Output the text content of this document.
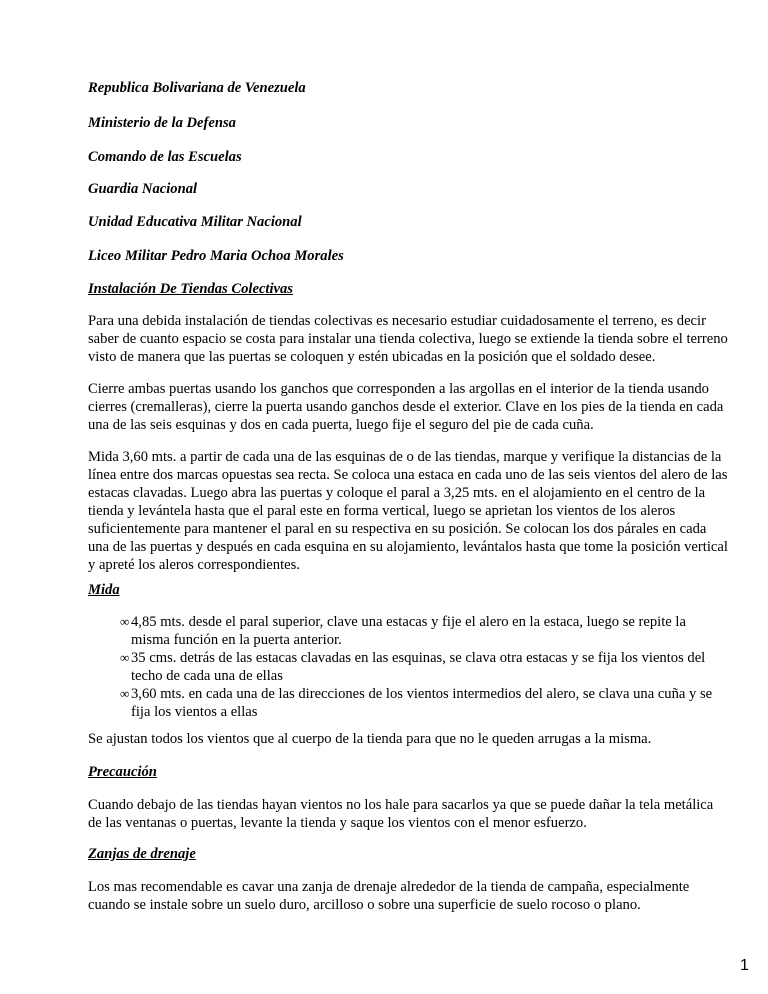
Republica Bolivariana de Venezuela
Ministerio de la Defensa
Comando de las Escuelas
Guardia Nacional
Unidad Educativa Militar Nacional
Liceo Militar Pedro Maria Ochoa Morales
Instalación De Tiendas Colectivas
Para una debida instalación de tiendas colectivas es necesario estudiar cuidadosamente el terreno, es decir saber de cuanto espacio se costa para instalar una tienda colectiva, luego se extiende la tienda sobre el terreno visto de manera que las puertas se coloquen y estén ubicadas en la posición que el soldado desee.
Cierre ambas puertas usando los ganchos que corresponden a las argollas en el interior de la tienda usando cierres (cremalleras), cierre la puerta usando ganchos desde el exterior. Clave en los pies de la tienda en cada una de las seis esquinas y dos en cada puerta, luego fije el seguro del pie de cada cuña.
Mida 3,60 mts. a partir de cada una de las esquinas de o de las tiendas, marque y verifique la distancias de la línea entre dos marcas opuestas sea recta. Se coloca una estaca en cada uno de las seis vientos del alero de las estacas clavadas. Luego abra las puertas y coloque el paral a 3,25 mts. en el alojamiento en el centro de la tienda y levántela hasta que el paral este en forma vertical, luego se aprietan los vientos de los aleros suficientemente para mantener el paral en su respectiva en su posición. Se colocan los dos párales en cada una de las puertas y después en cada esquina en su alojamiento, levántalos hasta que tome la posición vertical y apreté los aleros correspondientes.
Mida
∞ 4,85 mts. desde el paral superior, clave una estacas y fije el alero en la estaca, luego se repite la misma función en la puerta anterior.
∞ 35 cms. detrás de las estacas clavadas en las esquinas, se clava otra estacas y se fija los vientos del techo de cada una de ellas
∞ 3,60 mts. en cada una de las direcciones de los vientos intermedios del alero, se clava una cuña y se fija los vientos a ellas
Se ajustan todos los vientos que al cuerpo de la tienda para que no le queden arrugas a la misma.
Precaución
Cuando debajo de las tiendas hayan vientos no los hale para sacarlos ya que se puede dañar la tela metálica de las ventanas o puertas, levante la tienda y saque los vientos con el menor esfuerzo.
Zanjas de drenaje
Los mas recomendable es cavar una zanja de drenaje alrededor de la tienda de campaña, especialmente cuando se instale sobre un suelo duro, arcilloso o sobre una superficie de suelo rocoso o plano.
1
